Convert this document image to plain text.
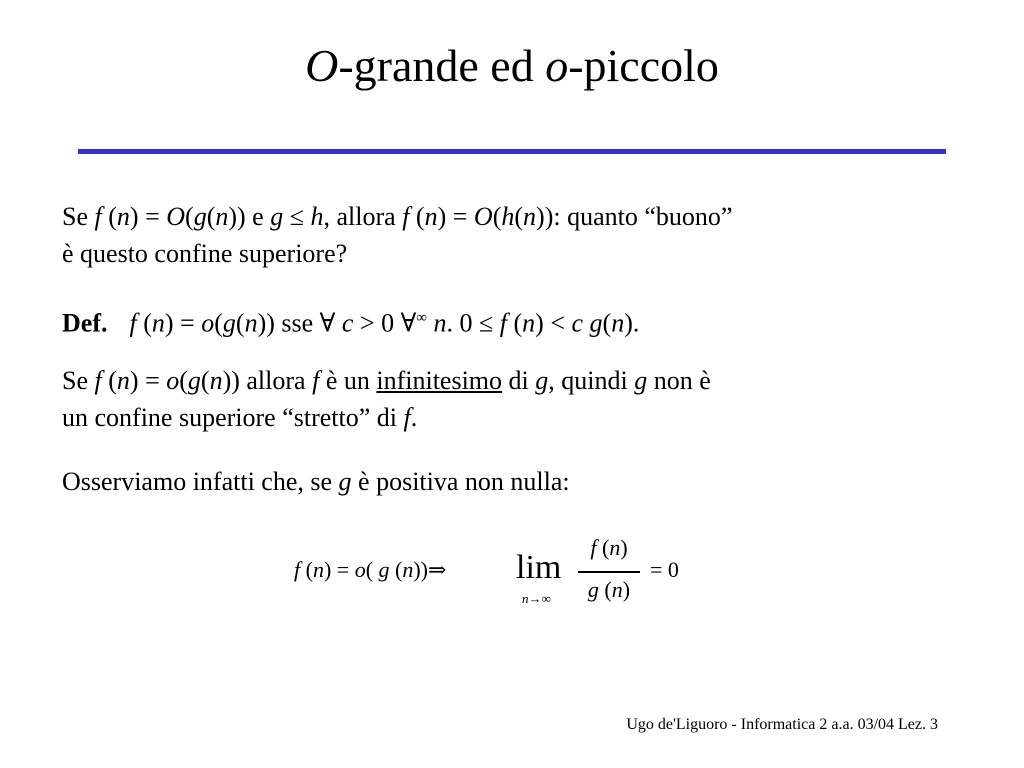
O-grande ed o-piccolo
Se f (n) = O(g(n)) e g ≤ h, allora f (n) = O(h(n)): quanto “buono”
è questo confine superiore?
Def. f (n) = o(g(n)) sse ∀ c > 0 ∀∞ n. 0 ≤ f (n) < c g(n).
Se f (n) = o(g(n)) allora f è un infinitesimo di g, quindi g non è
un confine superiore “stretto” di f.
Osserviamo infatti che, se g è positiva non nulla:
f (n) = o( g (n))⇒ lim
n→∞
f (n)
g (n)
= 0
Ugo de'Liguoro - Informatica 2 a.a. 03/04 Lez. 3
